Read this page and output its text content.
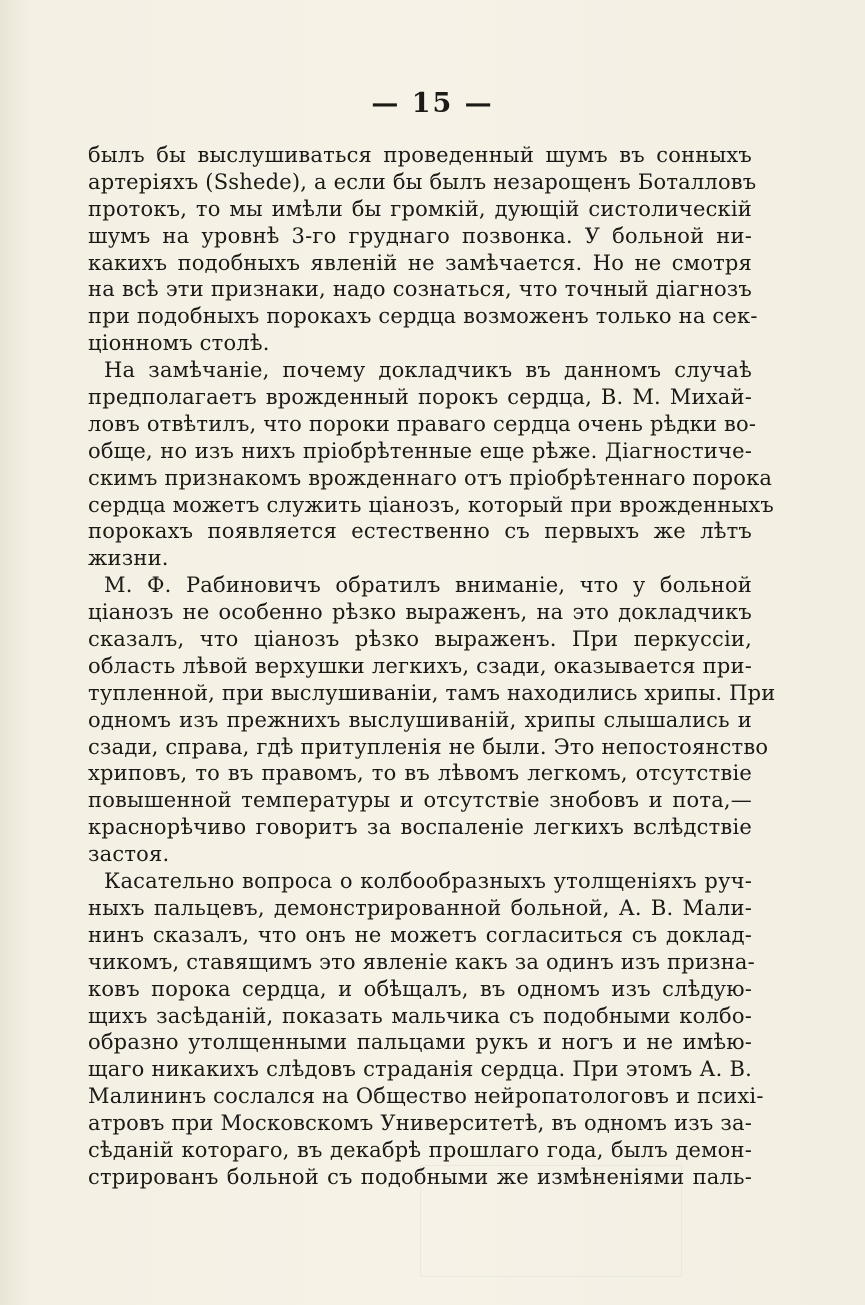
— 15 —
былъ бы выслушиваться проведенный шумъ въ сонныхъ
артеріяхъ (Sshede), а если бы былъ незарощенъ Боталловъ
протокъ, то мы имѣли бы громкій, дующій систолическій
шумъ на уровнѣ 3-го груднаго позвонка. У больной ни-
какихъ подобныхъ явленій не замѣчается. Но не смотря
на всѣ эти признаки, надо сознаться, что точный діагнозъ
при подобныхъ порокахъ сердца возможенъ только на сек-
ціонномъ столѣ.
На замѣчаніе, почему докладчикъ въ данномъ случаѣ
предполагаетъ врожденный порокъ сердца, В. М. Михай-
ловъ отвѣтилъ, что пороки праваго сердца очень рѣдки во-
обще, но изъ нихъ пріобрѣтенные еще рѣже. Діагностиче-
скимъ признакомъ врожденнаго отъ пріобрѣтеннаго порока
сердца можетъ служить ціанозъ, который при врожденныхъ
порокахъ появляется естественно съ первыхъ же лѣтъ
жизни.
М. Ф. Рабиновичъ обратилъ вниманіе, что у больной
ціанозъ не особенно рѣзко выраженъ, на это докладчикъ
сказалъ, что ціанозъ рѣзко выраженъ. При перкуссіи,
область лѣвой верхушки легкихъ, сзади, оказывается при-
тупленной, при выслушиваніи, тамъ находились хрипы. При
одномъ изъ прежнихъ выслушиваній, хрипы слышались и
сзади, справа, гдѣ притупленія не были. Это непостоянство
хриповъ, то въ правомъ, то въ лѣвомъ легкомъ, отсутствіе
повышенной температуры и отсутствіе знобовъ и пота,—
краснорѣчиво говоритъ за воспаленіе легкихъ вслѣдствіе
застоя.
Касательно вопроса о колбообразныхъ утолщеніяхъ руч-
ныхъ пальцевъ, демонстрированной больной, А. В. Мали-
нинъ сказалъ, что онъ не можетъ согласиться съ доклад-
чикомъ, ставящимъ это явленіе какъ за одинъ изъ призна-
ковъ порока сердца, и обѣщалъ, въ одномъ изъ слѣдую-
щихъ засѣданій, показать мальчика съ подобными колбо-
образно утолщенными пальцами рукъ и ногъ и не имѣю-
щаго никакихъ слѣдовъ страданія сердца. При этомъ А. В.
Малининъ сослался на Общество нейропатологовъ и психі-
атровъ при Московскомъ Университетѣ, въ одномъ изъ за-
сѣданій котораго, въ декабрѣ прошлаго года, былъ демон-
стрированъ больной съ подобными же измѣненіями паль-
